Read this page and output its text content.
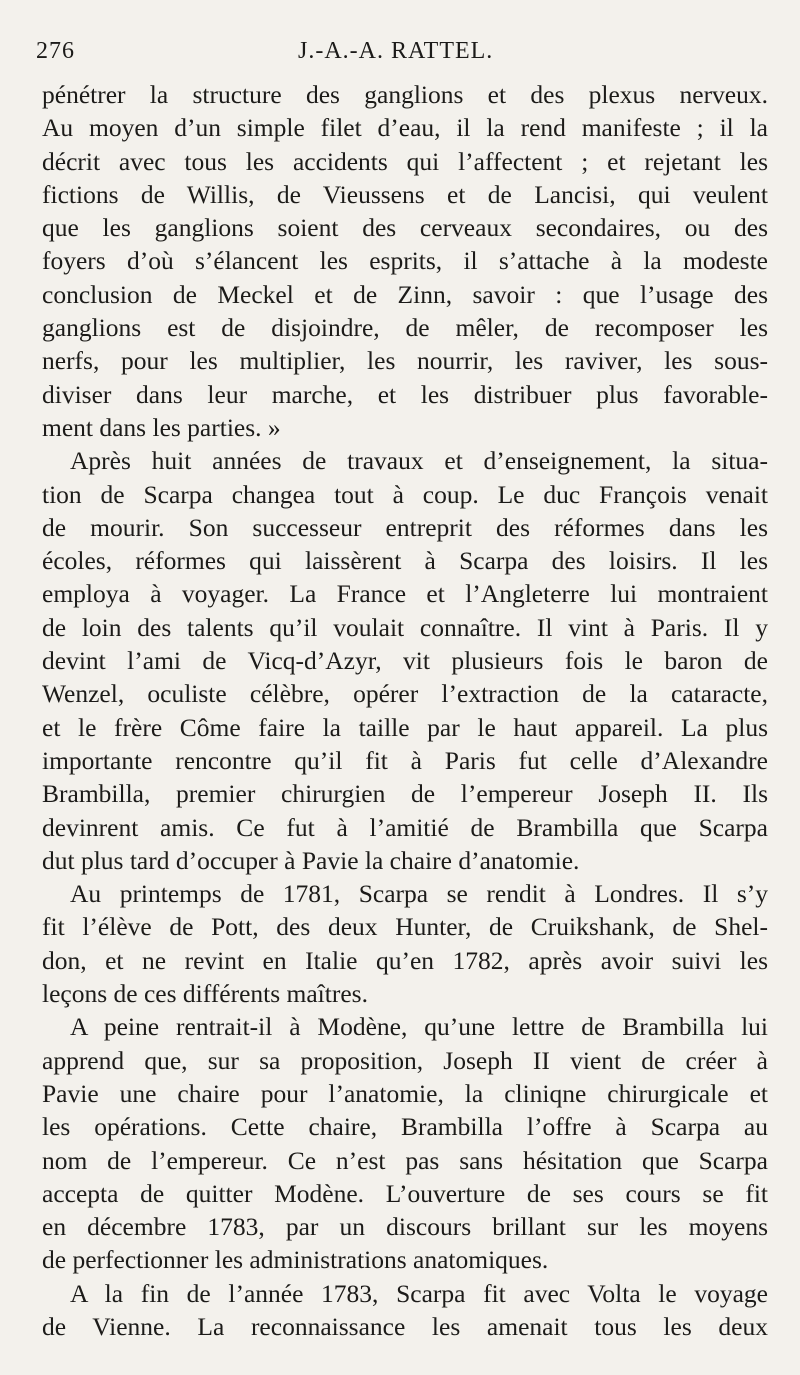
276	J.-A.-A. RATTEL.
pénétrer la structure des ganglions et des plexus nerveux.
Au moyen d’un simple filet d’eau, il la rend manifeste ; il la
décrit avec tous les accidents qui l’affectent ; et rejetant les
fictions de Willis, de Vieussens et de Lancisi, qui veulent
que les ganglions soient des cerveaux secondaires, ou des
foyers d’où s’élancent les esprits, il s’attache à la modeste
conclusion de Meckel et de Zinn, savoir : que l’usage des
ganglions est de disjoindre, de mêler, de recomposer les
nerfs, pour les multiplier, les nourrir, les raviver, les sous-
diviser dans leur marche, et les distribuer plus favorable-
ment dans les parties. »
Après huit années de travaux et d’enseignement, la situa-
tion de Scarpa changea tout à coup. Le duc François venait
de mourir. Son successeur entreprit des réformes dans les
écoles, réformes qui laissèrent à Scarpa des loisirs. Il les
employa à voyager. La France et l’Angleterre lui montraient
de loin des talents qu’il voulait connaître. Il vint à Paris. Il y
devint l’ami de Vicq-d’Azyr, vit plusieurs fois le baron de
Wenzel, oculiste célèbre, opérer l’extraction de la cataracte,
et le frère Côme faire la taille par le haut appareil. La plus
importante rencontre qu’il fit à Paris fut celle d’Alexandre
Brambilla, premier chirurgien de l’empereur Joseph II. Ils
devinrent amis. Ce fut à l’amitié de Brambilla que Scarpa
dut plus tard d’occuper à Pavie la chaire d’anatomie.
Au printemps de 1781, Scarpa se rendit à Londres. Il s’y
fit l’élève de Pott, des deux Hunter, de Cruikshank, de Shel-
don, et ne revint en Italie qu’en 1782, après avoir suivi les
leçons de ces différents maîtres.
A peine rentrait-il à Modène, qu’une lettre de Brambilla lui
apprend que, sur sa proposition, Joseph II vient de créer à
Pavie une chaire pour l’anatomie, la cliniqne chirurgicale et
les opérations. Cette chaire, Brambilla l’offre à Scarpa au
nom de l’empereur. Ce n’est pas sans hésitation que Scarpa
accepta de quitter Modène. L’ouverture de ses cours se fit
en décembre 1783, par un discours brillant sur les moyens
de perfectionner les administrations anatomiques.
A la fin de l’année 1783, Scarpa fit avec Volta le voyage
de Vienne. La reconnaissance les amenait tous les deux
